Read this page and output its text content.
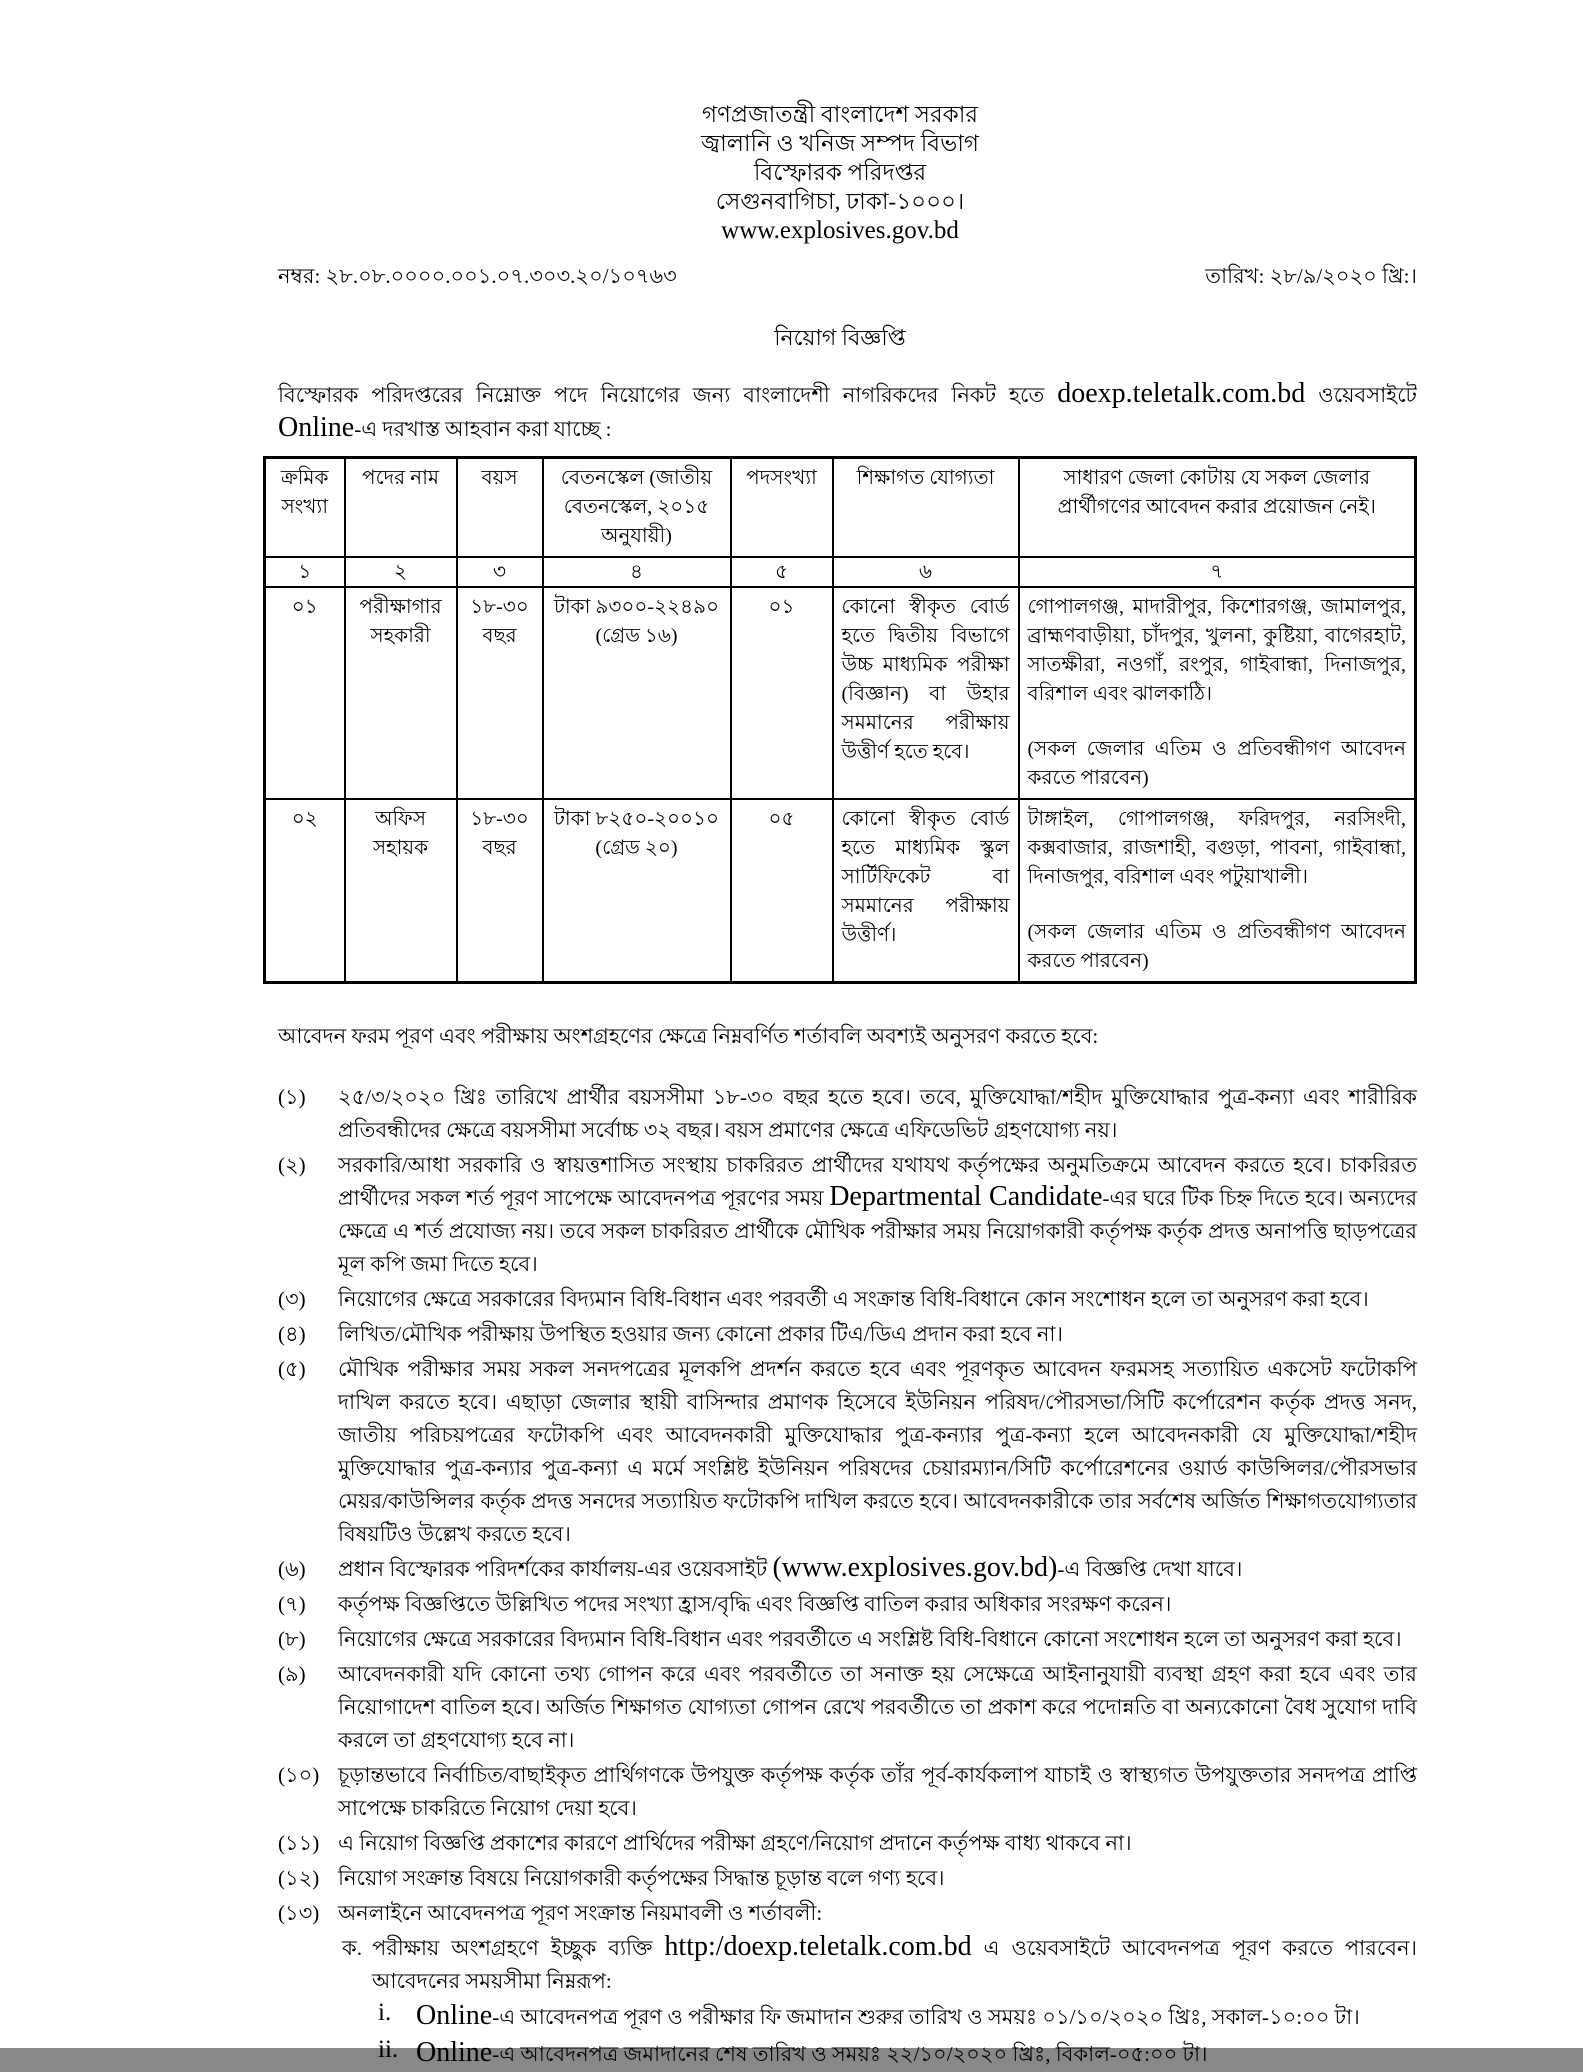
গণপ্রজাতন্ত্রী বাংলাদেশ সরকার
জ্বালানি ও খনিজ সম্পদ বিভাগ
বিস্ফোরক পরিদপ্তর
সেগুনবাগিচা, ঢাকা-১০০০।
www.explosives.gov.bd
নম্বর: ২৮.০৮.০০০০.০০১.০৭.৩০৩.২০/১০৭৬৩	তারিখ: ২৮/৯/২০২০ খ্রি:।
নিয়োগ বিজ্ঞপ্তি
বিস্ফোরক পরিদপ্তরের নিম্নোক্ত পদে নিয়োগের জন্য বাংলাদেশী নাগরিকদের নিকট হতে doexp.teletalk.com.bd ওয়েবসাইটে Online-এ দরখাস্ত আহবান করা যাচ্ছে :
ক্রমিক সংখ্যা	পদের নাম	বয়স	বেতনস্কেল (জাতীয় বেতনস্কেল, ২০১৫ অনুযায়ী)	পদসংখ্যা	শিক্ষাগত যোগ্যতা	সাধারণ জেলা কোটায় যে সকল জেলার প্রার্থীগণের আবেদন করার প্রয়োজন নেই।
১	২	৩	৪	৫	৬	৭
০১	পরীক্ষাগার সহকারী	১৮-৩০ বছর	টাকা ৯৩০০-২২৪৯০ (গ্রেড ১৬)	০১	কোনো স্বীকৃত বোর্ড হতে দ্বিতীয় বিভাগে উচ্চ মাধ্যমিক পরীক্ষা (বিজ্ঞান) বা উহার সমমানের পরীক্ষায় উত্তীর্ণ হতে হবে।	গোপালগঞ্জ, মাদারীপুর, কিশোরগঞ্জ, জামালপুর, ব্রাহ্মণবাড়ীয়া, চাঁদপুর, খুলনা, কুষ্টিয়া, বাগেরহাট, সাতক্ষীরা, নওগাঁ, রংপুর, গাইবান্ধা, দিনাজপুর, বরিশাল এবং ঝালকাঠি।
(সকল জেলার এতিম ও প্রতিবন্ধীগণ আবেদন করতে পারবেন)

০২	অফিস সহায়ক	১৮-৩০ বছর	টাকা ৮২৫০-২০০১০ (গ্রেড ২০)	০৫	কোনো স্বীকৃত বোর্ড হতে মাধ্যমিক স্কুল সার্টিফিকেট বা সমমানের পরীক্ষায় উত্তীর্ণ।	টাঙ্গাইল, গোপালগঞ্জ, ফরিদপুর, নরসিংদী, কক্সবাজার, রাজশাহী, বগুড়া, পাবনা, গাইবান্ধা, দিনাজপুর, বরিশাল এবং পটুয়াখালী।
(সকল জেলার এতিম ও প্রতিবন্ধীগণ আবেদন করতে পারবেন)
আবেদন ফরম পূরণ এবং পরীক্ষায় অংশগ্রহণের ক্ষেত্রে নিম্নবর্ণিত শর্তাবলি অবশ্যই অনুসরণ করতে হবে:
(১)	২৫/৩/২০২০ খ্রিঃ তারিখে প্রার্থীর বয়সসীমা ১৮-৩০ বছর হতে হবে। তবে, মুক্তিযোদ্ধা/শহীদ মুক্তিযোদ্ধার পুত্র-কন্যা এবং শারীরিক প্রতিবন্ধীদের ক্ষেত্রে বয়সসীমা সর্বোচ্চ ৩২ বছর। বয়স প্রমাণের ক্ষেত্রে এফিডেভিট গ্রহণযোগ্য নয়।
(২)	সরকারি/আধা সরকারি ও স্বায়ত্তশাসিত সংস্থায় চাকরিরত প্রার্থীদের যথাযথ কর্তৃপক্ষের অনুমতিক্রমে আবেদন করতে হবে। চাকরিরত প্রার্থীদের সকল শর্ত পূরণ সাপেক্ষে আবেদনপত্র পূরণের সময় Departmental Candidate-এর ঘরে টিক চিহ্ন দিতে হবে। অন্যদের ক্ষেত্রে এ শর্ত প্রযোজ্য নয়। তবে সকল চাকরিরত প্রার্থীকে মৌখিক পরীক্ষার সময় নিয়োগকারী কর্তৃপক্ষ কর্তৃক প্রদত্ত অনাপত্তি ছাড়পত্রের মূল কপি জমা দিতে হবে।
(৩)	নিয়োগের ক্ষেত্রে সরকারের বিদ্যমান বিধি-বিধান এবং পরবর্তী এ সংক্রান্ত বিধি-বিধানে কোন সংশোধন হলে তা অনুসরণ করা হবে।
(৪)	লিখিত/মৌখিক পরীক্ষায় উপস্থিত হওয়ার জন্য কোনো প্রকার টিএ/ডিএ প্রদান করা হবে না।
(৫)	মৌখিক পরীক্ষার সময় সকল সনদপত্রের মূলকপি প্রদর্শন করতে হবে এবং পূরণকৃত আবেদন ফরমসহ সত্যায়িত একসেট ফটোকপি দাখিল করতে হবে। এছাড়া জেলার স্থায়ী বাসিন্দার প্রমাণক হিসেবে ইউনিয়ন পরিষদ/পৌরসভা/সিটি কর্পোরেশন কর্তৃক প্রদত্ত সনদ, জাতীয় পরিচয়পত্রের ফটোকপি এবং আবেদনকারী মুক্তিযোদ্ধার পুত্র-কন্যার পুত্র-কন্যা হলে আবেদনকারী যে মুক্তিযোদ্ধা/শহীদ মুক্তিযোদ্ধার পুত্র-কন্যার পুত্র-কন্যা এ মর্মে সংশ্লিষ্ট ইউনিয়ন পরিষদের চেয়ারম্যান/সিটি কর্পোরেশনের ওয়ার্ড কাউন্সিলর/পৌরসভার মেয়র/কাউন্সিলর কর্তৃক প্রদত্ত সনদের সত্যায়িত ফটোকপি দাখিল করতে হবে। আবেদনকারীকে তার সর্বশেষ অর্জিত শিক্ষাগতযোগ্যতার বিষয়টিও উল্লেখ করতে হবে।
(৬)	প্রধান বিস্ফোরক পরিদর্শকের কার্যালয়-এর ওয়েবসাইট (www.explosives.gov.bd)-এ বিজ্ঞপ্তি দেখা যাবে।
(৭)	কর্তৃপক্ষ বিজ্ঞপ্তিতে উল্লিখিত পদের সংখ্যা হ্রাস/বৃদ্ধি এবং বিজ্ঞপ্তি বাতিল করার অধিকার সংরক্ষণ করেন।
(৮)	নিয়োগের ক্ষেত্রে সরকারের বিদ্যমান বিধি-বিধান এবং পরবর্তীতে এ সংশ্লিষ্ট বিধি-বিধানে কোনো সংশোধন হলে তা অনুসরণ করা হবে।
(৯)	আবেদনকারী যদি কোনো তথ্য গোপন করে এবং পরবর্তীতে তা সনাক্ত হয় সেক্ষেত্রে আইনানুযায়ী ব্যবস্থা গ্রহণ করা হবে এবং তার নিয়োগাদেশ বাতিল হবে। অর্জিত শিক্ষাগত যোগ্যতা গোপন রেখে পরবর্তীতে তা প্রকাশ করে পদোন্নতি বা অন্যকোনো বৈধ সুযোগ দাবি করলে তা গ্রহণযোগ্য হবে না।
(১০) চূড়ান্তভাবে নির্বাচিত/বাছাইকৃত প্রার্থিগণকে উপযুক্ত কর্তৃপক্ষ কর্তৃক তাঁর পূর্ব-কার্যকলাপ যাচাই ও স্বাস্থ্যগত উপযুক্ততার সনদপত্র প্রাপ্তি সাপেক্ষে চাকরিতে নিয়োগ দেয়া হবে।
(১১) এ নিয়োগ বিজ্ঞপ্তি প্রকাশের কারণে প্রার্থিদের পরীক্ষা গ্রহণে/নিয়োগ প্রদানে কর্তৃপক্ষ বাধ্য থাকবে না।
(১২) নিয়োগ সংক্রান্ত বিষয়ে নিয়োগকারী কর্তৃপক্ষের সিদ্ধান্ত চূড়ান্ত বলে গণ্য হবে।
(১৩) অনলাইনে আবেদনপত্র পূরণ সংক্রান্ত নিয়মাবলী ও শর্তাবলী:
ক. পরীক্ষায় অংশগ্রহণে ইচ্ছুক ব্যক্তি http:/doexp.teletalk.com.bd এ ওয়েবসাইটে আবেদনপত্র পূরণ করতে পারবেন। আবেদনের সময়সীমা নিম্নরূপ:
i. Online-এ আবেদনপত্র পূরণ ও পরীক্ষার ফি জমাদান শুরুর তারিখ ও সময়ঃ ০১/১০/২০২০ খ্রিঃ, সকাল-১০:০০ টা।
ii. Online-এ আবেদনপত্র জমাদানের শেষ তারিখ ও সময়ঃ ২২/১০/২০২০ খ্রিঃ, বিকাল-০৫:০০ টা।
